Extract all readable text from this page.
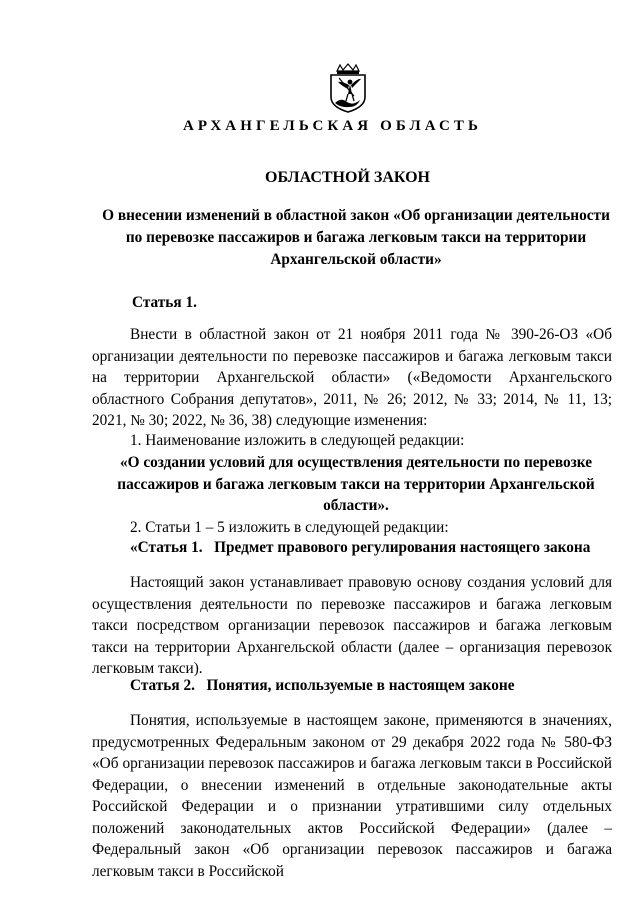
АРХАНГЕЛЬСКАЯ ОБЛАСТЬ
ОБЛАСТНОЙ ЗАКОН
О внесении изменений в областной закон «Об организации деятельности по перевозке пассажиров и багажа легковым такси на территории Архангельской области»
Статья 1.
Внести в областной закон от 21 ноября 2011 года № 390-26-ОЗ «Об организации деятельности по перевозке пассажиров и багажа легковым такси на территории Архангельской области» («Ведомости Архангельского областного Собрания депутатов», 2011, № 26; 2012, № 33; 2014, № 11, 13; 2021, № 30; 2022, № 36, 38) следующие изменения:
1. Наименование изложить в следующей редакции:
«О создании условий для осуществления деятельности по перевозке пассажиров и багажа легковым такси на территории Архангельской области».
2. Статьи 1 – 5 изложить в следующей редакции:
«Статья 1.   Предмет правового регулирования настоящего закона
Настоящий закон устанавливает правовую основу создания условий для осуществления деятельности по перевозке пассажиров и багажа легковым такси посредством организации перевозок пассажиров и багажа легковым такси на территории Архангельской области (далее – организация перевозок легковым такси).
Статья 2.   Понятия, используемые в настоящем законе
Понятия, используемые в настоящем законе, применяются в значениях, предусмотренных Федеральным законом от 29 декабря 2022 года № 580-ФЗ «Об организации перевозок пассажиров и багажа легковым такси в Российской Федерации, о внесении изменений в отдельные законодательные акты Российской Федерации и о признании утратившими силу отдельных положений законодательных актов Российской Федерации» (далее – Федеральный закон «Об организации перевозок пассажиров и багажа легковым такси в Российской
